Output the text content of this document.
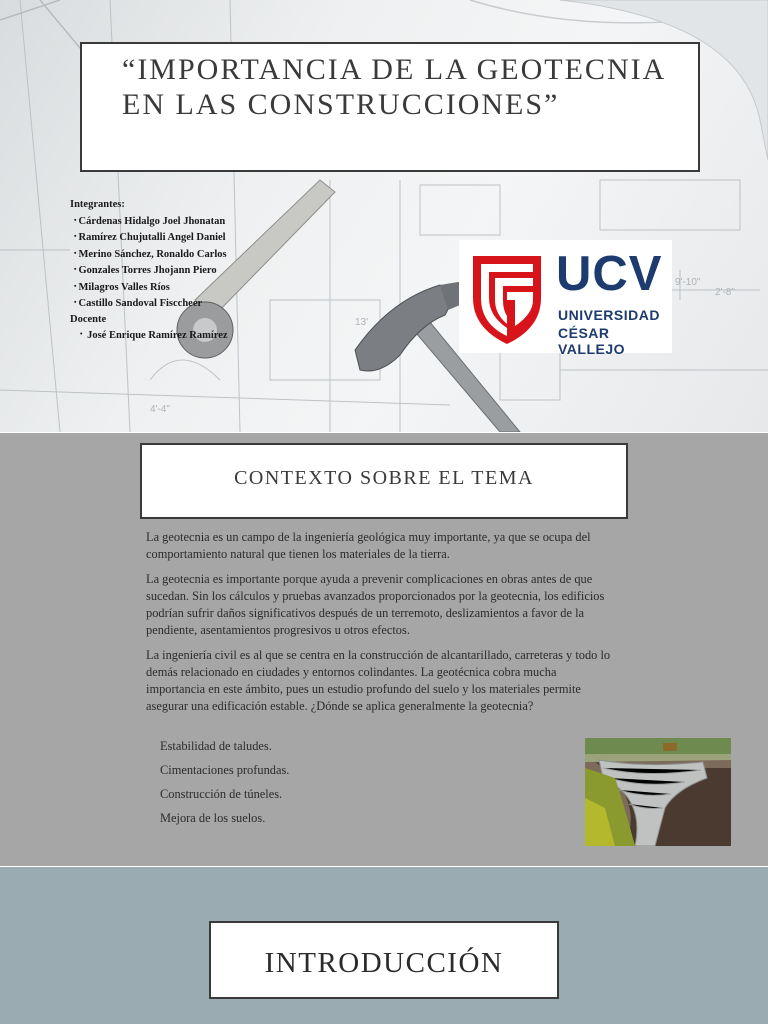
13'
4'-4"
9'-10"
2'-8"
“IMPORTANCIA DE LA GEOTECNIA EN LAS CONSTRUCCIONES”
Integrantes:
▪ Cárdenas Hidalgo Joel Jhonatan
▪ Ramírez Chujutalli Angel Daniel
▪ Merino Sánchez, Ronaldo Carlos
▪ Gonzales Torres Jhojann Piero
▪ Milagros Valles Ríos
▪ Castillo Sandoval Fisccheer
Docente
• José Enrique Ramírez Ramírez
UCV
UNIVERSIDAD
CÉSAR VALLEJO
CONTEXTO SOBRE EL TEMA

La geotecnia es un campo de la ingeniería geológica muy importante, ya que se ocupa del comportamiento natural que tienen los materiales de la tierra.

La geotecnia es importante porque ayuda a prevenir complicaciones en obras antes de que sucedan. Sin los cálculos y pruebas avanzados proporcionados por la geotecnia, los edificios podrían sufrir daños significativos después de un terremoto, deslizamientos a favor de la pendiente, asentamientos progresivos u otros efectos.

La ingeniería civil es al que se centra en la construcción de alcantarillado, carreteras y todo lo demás relacionado en ciudades y entornos colindantes. La geotécnica cobra mucha importancia en este ámbito, pues un estudio profundo del suelo y los materiales permite asegurar una edificación estable. ¿Dónde se aplica generalmente la geotecnia?

Estabilidad de taludes.
Cimentaciones profundas.
Construcción de túneles.
Mejora de los suelos.
INTRODUCCIÓN
